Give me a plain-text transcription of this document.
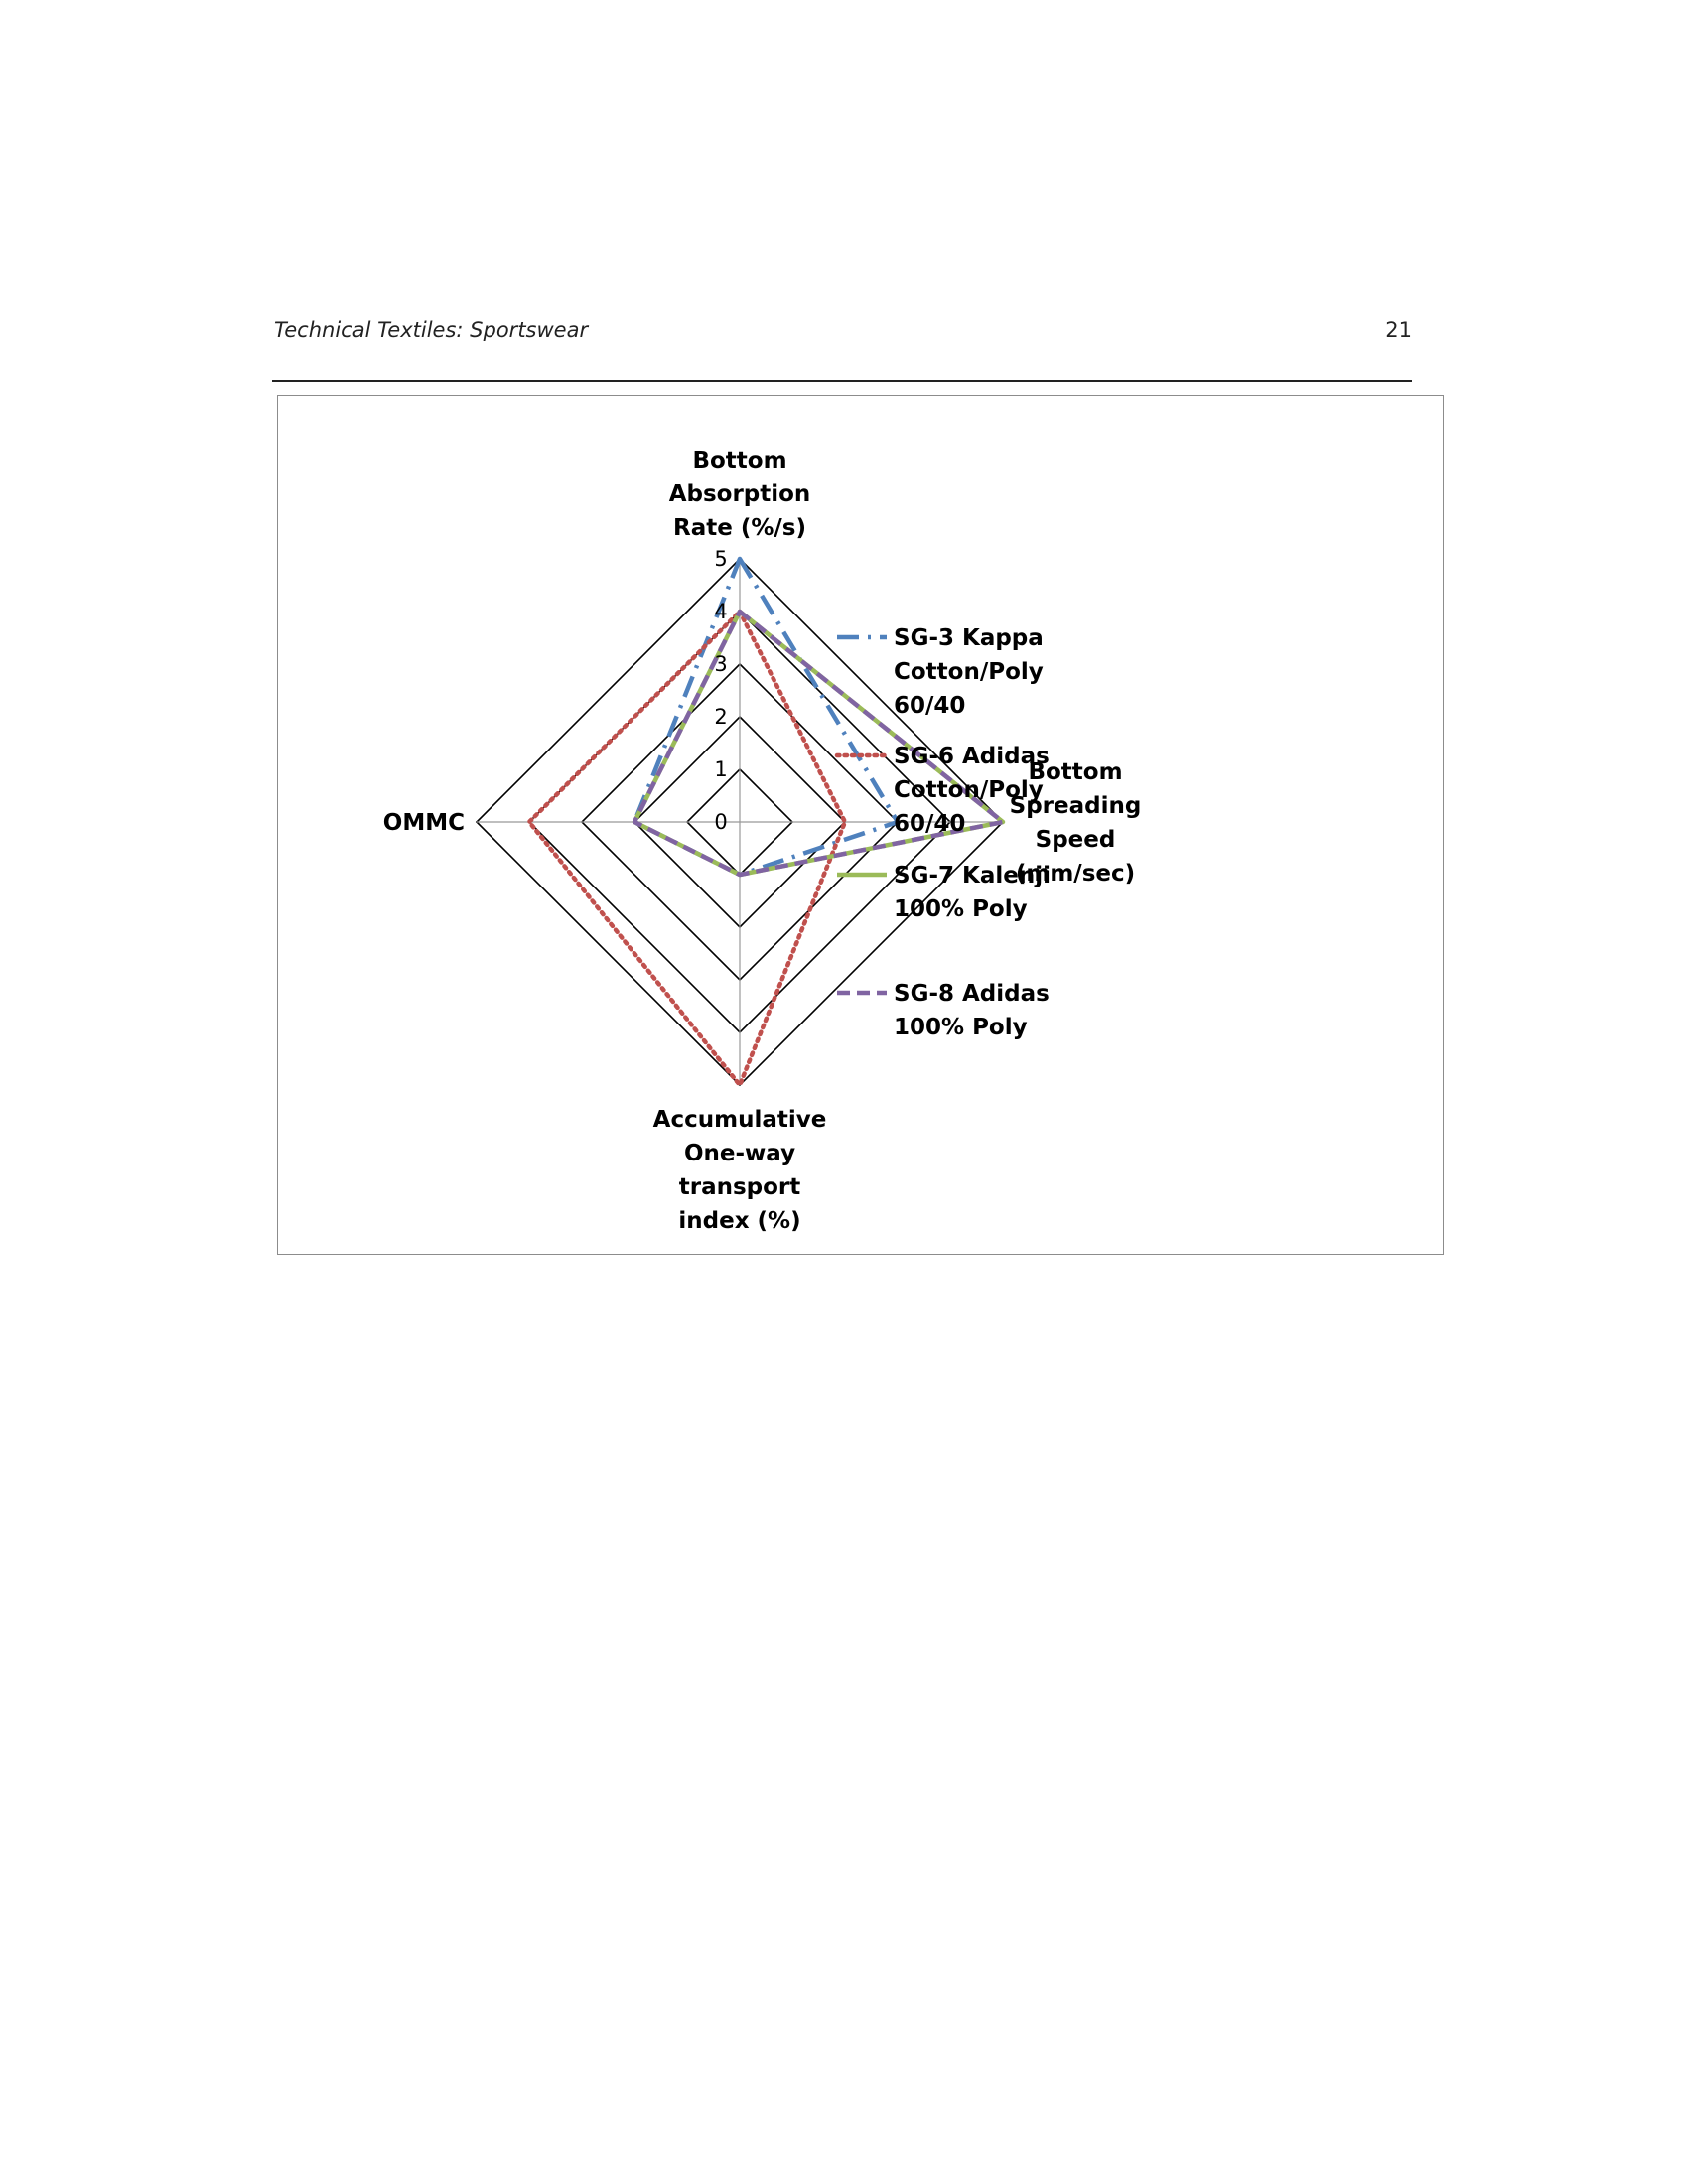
Technical Textiles: Sportswear	21
0
1
2
3
4
5
Bottom
Absorption
Rate (%/s)
Bottom
Spreading
Speed
(mm/sec)
Accumulative
One-way
transport
index (%)
OMMC
SG-3 Kappa
Cotton/Poly
60/40
SG-6 Adidas
Cotton/Poly
60/40
SG-7 Kalenji
100% Poly
SG-8 Adidas
100% Poly
